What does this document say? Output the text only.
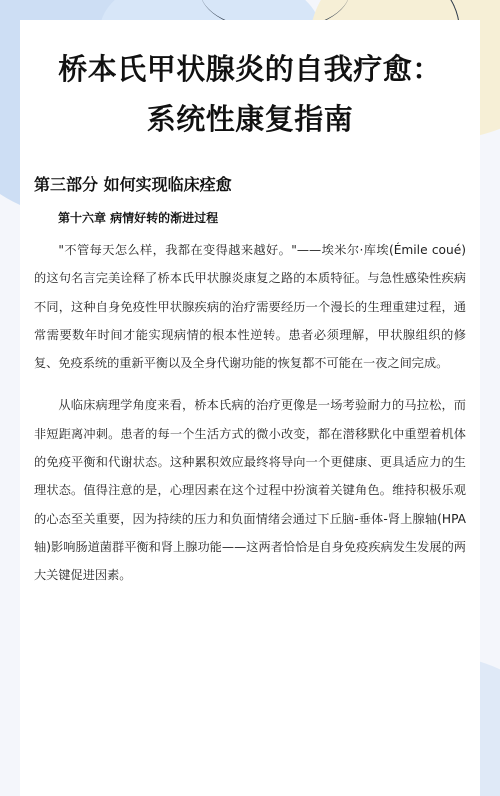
桥本氏甲状腺炎的自我疗愈：
系统性康复指南
第三部分 如何实现临床痊愈
第十六章 病情好转的渐进过程

"不管每天怎么样，我都在变得越来越好。"——埃米尔·库埃(Émile coué)的这句名言完美诠释了桥本氏甲状腺炎康复之路的本质特征。与急性感染性疾病不同，这种自身免疫性甲状腺疾病的治疗需要经历一个漫长的生理重建过程，通常需要数年时间才能实现病情的根本性逆转。患者必须理解，甲状腺组织的修复、免疫系统的重新平衡以及全身代谢功能的恢复都不可能在一夜之间完成。

从临床病理学角度来看，桥本氏病的治疗更像是一场考验耐力的马拉松，而非短距离冲刺。患者的每一个生活方式的微小改变，都在潜移默化中重塑着机体的免疫平衡和代谢状态。这种累积效应最终将导向一个更健康、更具适应力的生理状态。值得注意的是，心理因素在这个过程中扮演着关键角色。维持积极乐观的心态至关重要，因为持续的压力和负面情绪会通过下丘脑-垂体-肾上腺轴(HPA 轴)影响肠道菌群平衡和肾上腺功能——这两者恰恰是自身免疫疾病发生发展的两大关键促进因素。
